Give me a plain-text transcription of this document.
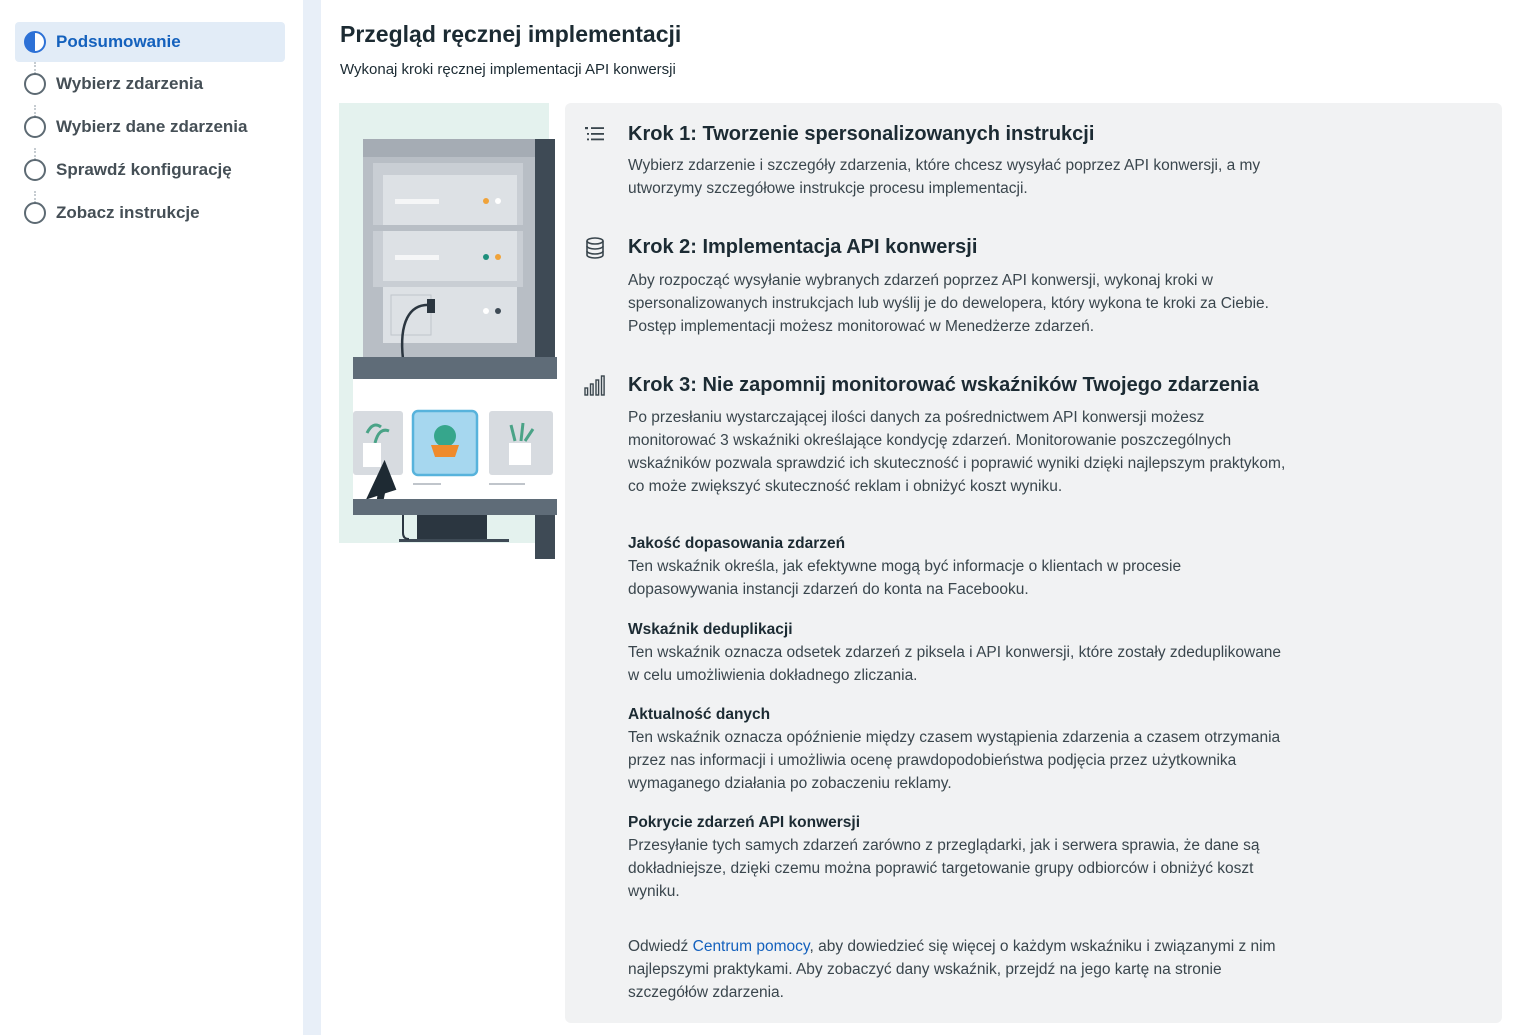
Podsumowanie
Wybierz zdarzenia
Wybierz dane zdarzenia
Sprawdź konfigurację
Zobacz instrukcje
Przegląd ręcznej implementacji
Wykonaj kroki ręcznej implementacji API konwersji
Krok 1: Tworzenie spersonalizowanych instrukcji
Wybierz zdarzenie i szczegóły zdarzenia, które chcesz wysyłać poprzez API konwersji, a my utworzymy szczegółowe instrukcje procesu implementacji.
Krok 2: Implementacja API konwersji
Aby rozpocząć wysyłanie wybranych zdarzeń poprzez API konwersji, wykonaj kroki w spersonalizowanych instrukcjach lub wyślij je do dewelopera, który wykona te kroki za Ciebie. Postęp implementacji możesz monitorować w Menedżerze zdarzeń.
Krok 3: Nie zapomnij monitorować wskaźników Twojego zdarzenia
Po przesłaniu wystarczającej ilości danych za pośrednictwem API konwersji możesz monitorować 3 wskaźniki określające kondycję zdarzeń. Monitorowanie poszczególnych wskaźników pozwala sprawdzić ich skuteczność i poprawić wyniki dzięki najlepszym praktykom, co może zwiększyć skuteczność reklam i obniżyć koszt wyniku.
Jakość dopasowania zdarzeń
Ten wskaźnik określa, jak efektywne mogą być informacje o klientach w procesie dopasowywania instancji zdarzeń do konta na Facebooku.
Wskaźnik deduplikacji
Ten wskaźnik oznacza odsetek zdarzeń z piksela i API konwersji, które zostały zdeduplikowane w celu umożliwienia dokładnego zliczania.
Aktualność danych
Ten wskaźnik oznacza opóźnienie między czasem wystąpienia zdarzenia a czasem otrzymania przez nas informacji i umożliwia ocenę prawdopodobieństwa podjęcia przez użytkownika wymaganego działania po zobaczeniu reklamy.
Pokrycie zdarzeń API konwersji
Przesyłanie tych samych zdarzeń zarówno z przeglądarki, jak i serwera sprawia, że dane są dokładniejsze, dzięki czemu można poprawić targetowanie grupy odbiorców i obniżyć koszt wyniku.
Odwiedź Centrum pomocy, aby dowiedzieć się więcej o każdym wskaźniku i związanymi z nim najlepszymi praktykami. Aby zobaczyć dany wskaźnik, przejdź na jego kartę na stronie szczegółów zdarzenia.
